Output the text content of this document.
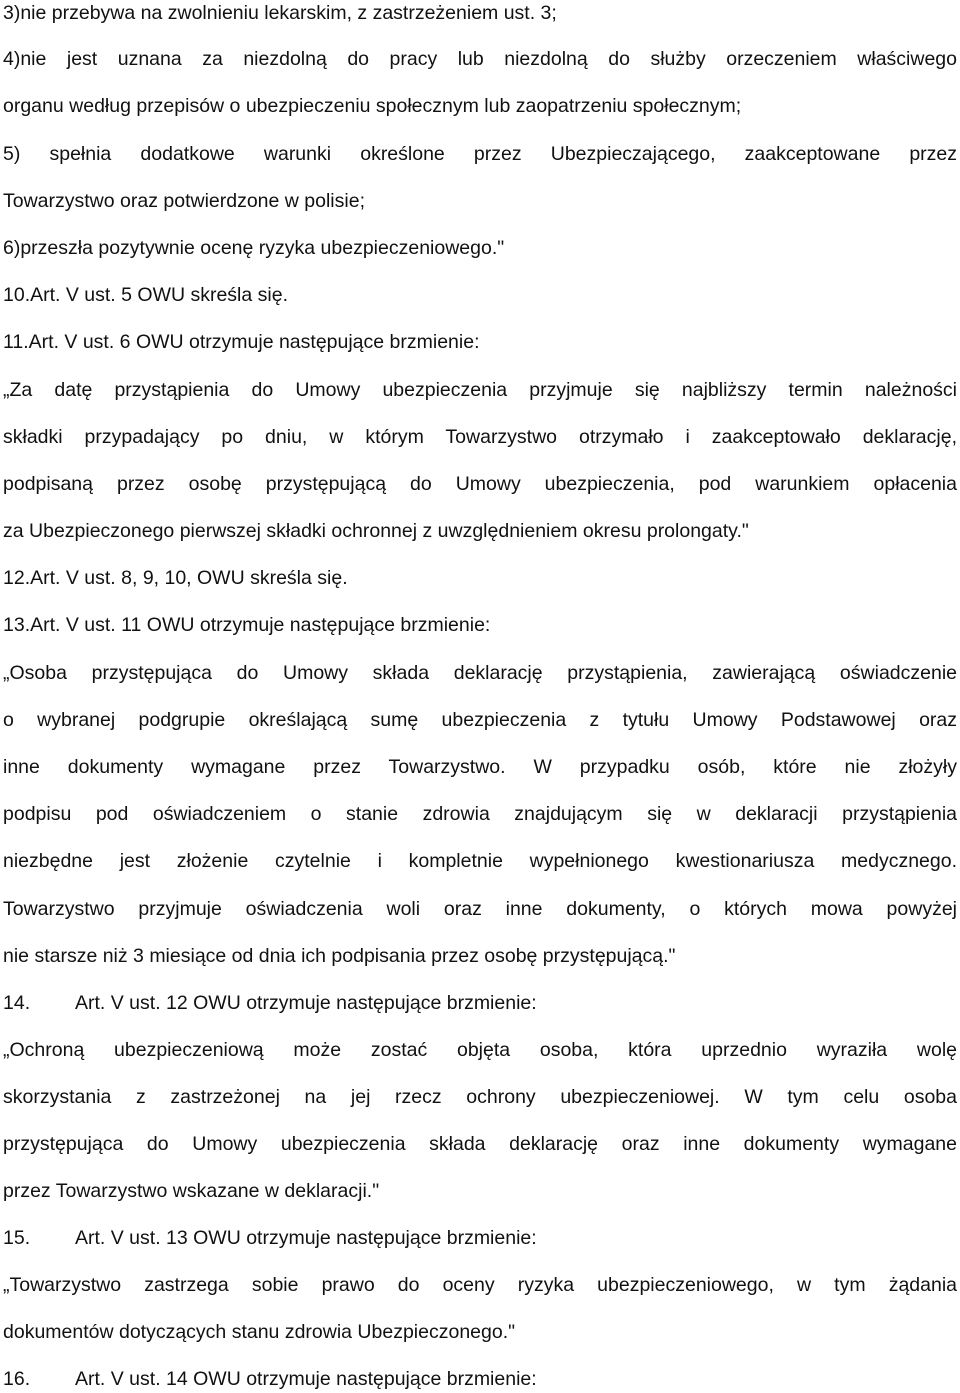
3)nie przebywa na zwolnieniu lekarskim, z zastrzeżeniem ust. 3;
4)nie jest uznana za niezdolną do pracy lub niezdolną do służby orzeczeniem właściwego
organu według przepisów o ubezpieczeniu społecznym lub zaopatrzeniu społecznym;
5) spełnia dodatkowe warunki określone przez Ubezpieczającego, zaakceptowane przez
Towarzystwo oraz potwierdzone w polisie;
6)przeszła pozytywnie ocenę ryzyka ubezpieczeniowego."
10.Art. V ust. 5 OWU skreśla się.
11.Art. V ust. 6 OWU otrzymuje następujące brzmienie:
„Za datę przystąpienia do Umowy ubezpieczenia przyjmuje się najbliższy termin należności
składki przypadający po dniu, w którym Towarzystwo otrzymało i zaakceptowało deklarację,
podpisaną przez osobę przystępującą do Umowy ubezpieczenia, pod warunkiem opłacenia
za Ubezpieczonego pierwszej składki ochronnej z uwzględnieniem okresu prolongaty."
12.Art. V ust. 8, 9, 10, OWU skreśla się.
13.Art. V ust. 11 OWU otrzymuje następujące brzmienie:
„Osoba przystępująca do Umowy składa deklarację przystąpienia, zawierającą oświadczenie
o wybranej podgrupie określającą sumę ubezpieczenia z tytułu Umowy Podstawowej oraz
inne dokumenty wymagane przez Towarzystwo. W przypadku osób, które nie złożyły
podpisu pod oświadczeniem o stanie zdrowia znajdującym się w deklaracji przystąpienia
niezbędne jest złożenie czytelnie i kompletnie wypełnionego kwestionariusza medycznego.
Towarzystwo przyjmuje oświadczenia woli oraz inne dokumenty, o których mowa powyżej
nie starsze niż 3 miesiące od dnia ich podpisania przez osobę przystępującą."
14. Art. V ust. 12 OWU otrzymuje następujące brzmienie:
„Ochroną ubezpieczeniową może zostać objęta osoba, która uprzednio wyraziła wolę
skorzystania z zastrzeżonej na jej rzecz ochrony ubezpieczeniowej. W tym celu osoba
przystępująca do Umowy ubezpieczenia składa deklarację oraz inne dokumenty wymagane
przez Towarzystwo wskazane w deklaracji."
15. Art. V ust. 13 OWU otrzymuje następujące brzmienie:
„Towarzystwo zastrzega sobie prawo do oceny ryzyka ubezpieczeniowego, w tym żądania
dokumentów dotyczących stanu zdrowia Ubezpieczonego."
16. Art. V ust. 14 OWU otrzymuje następujące brzmienie:
